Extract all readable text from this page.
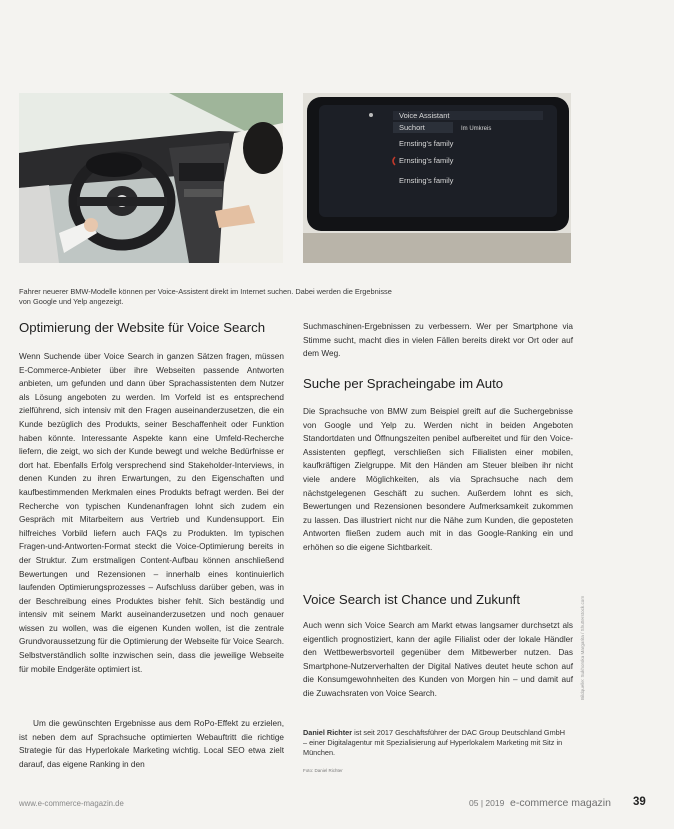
Voice Assistant
Suchort	Im Umkreis
Ernsting's family
Ernsting's family
Ernsting's family
Fahrer neuerer BMW-Modelle können per Voice-Assistent direkt im Internet suchen. Dabei werden die Ergebnisse von Google und Yelp angezeigt.
Optimierung der Website für Voice Search

Wenn Suchende über Voice Search in ganzen Sätzen fragen, müssen E-Commerce-Anbieter über ihre Webseiten passende Antworten anbieten, um gefunden und dann über Sprachassistenten dem Nutzer als Lösung angeboten zu werden. Im Vorfeld ist es entsprechend zielführend, sich intensiv mit den Fragen auseinanderzusetzen, die ein Kunde bezüglich des Produkts, seiner Beschaffenheit oder Funktion haben könnte. Interessante Aspekte kann eine Umfeld-Recherche liefern, die zeigt, wo sich der Kunde bewegt und welche Bedürfnisse er dort hat. Ebenfalls Erfolg versprechend sind Stakeholder-Interviews, in denen Kunden zu ihren Erwartungen, zu den Eigenschaften und kaufbestimmenden Merkmalen eines Produkts befragt werden. Bei der Recherche von typischen Kundenanfragen lohnt sich zudem ein Gespräch mit Mitarbeitern aus Vertrieb und Kundensupport. Ein hilfreiches Vorbild liefern auch FAQs zu Produkten. Im typischen Fragen-und-Antworten-Format steckt die Voice-Optimierung bereits in der Struktur. Zum erstmaligen Content-Aufbau können anschließend Bewertungen und Rezensionen – innerhalb eines kontinuierlich laufenden Optimierungsprozesses – Aufschluss darüber geben, was in der Beschreibung eines Produktes bisher fehlt. Sich beständig und intensiv mit seinem Markt auseinanderzusetzen und noch genauer wissen zu wollen, was die eigenen Kunden wollen, ist die zentrale Grundvoraussetzung für die Optimierung der Webseite für Voice Search. Selbstverständlich sollte inzwischen sein, dass die jeweilige Webseite für mobile Endgeräte optimiert ist.

Um die gewünschten Ergebnisse aus dem RoPo-Effekt zu erzielen, ist neben dem auf Sprachsuche optimierten Webauftritt die richtige Strategie für das Hyperlokale Marketing wichtig. Local SEO etwa zielt darauf, das eigene Ranking in den

Suchmaschinen-Ergebnissen zu verbessern. Wer per Smartphone via Stimme sucht, macht dies in vielen Fällen bereits direkt vor Ort oder auf dem Weg.

Suche per Spracheingabe im Auto

Die Sprachsuche von BMW zum Beispiel greift auf die Suchergebnisse von Google und Yelp zu. Werden nicht in beiden Angeboten Standortdaten und Öffnungszeiten penibel aufbereitet und für den Voice-Assistenten gepflegt, verschließen sich Filialisten einer mobilen, kaufkräftigen Zielgruppe. Mit den Händen am Steuer bleiben ihr nicht viele andere Möglichkeiten, als via Sprachsuche nach dem nächstgelegenen Geschäft zu suchen. Außerdem lohnt es sich, Bewertungen und Rezensionen besondere Aufmerksamkeit zukommen zu lassen. Das illustriert nicht nur die Nähe zum Kunden, die geposteten Antworten fließen zudem auch mit in das Google-Ranking ein und erhöhen so die eigene Sichtbarkeit.

Voice Search ist Chance und Zukunft

Auch wenn sich Voice Search am Markt etwas langsamer durchsetzt als eigentlich prognostiziert, kann der agile Filialist oder der lokale Händler den Wettbewerbsvorteil gegenüber dem Mitbewerber nutzen. Das Smartphone-Nutzerverhalten der Digital Natives deutet heute schon auf die Konsumgewohnheiten des Kunden von Morgen hin – und damit auf die Zuwachsraten von Voice Search.

Daniel Richter ist seit 2017 Geschäftsführer der DAC Group Deutschland GmbH – einer Digitalagentur mit Spezialisierung auf Hyperlokalem Marketing mit Sitz in München.

Foto: Daniel Richter
Bildquelle: Sukhorska Margarita / Shutterstock.com
www.e-commerce-magazin.de	05 | 2019 e-commerce magazin 39
